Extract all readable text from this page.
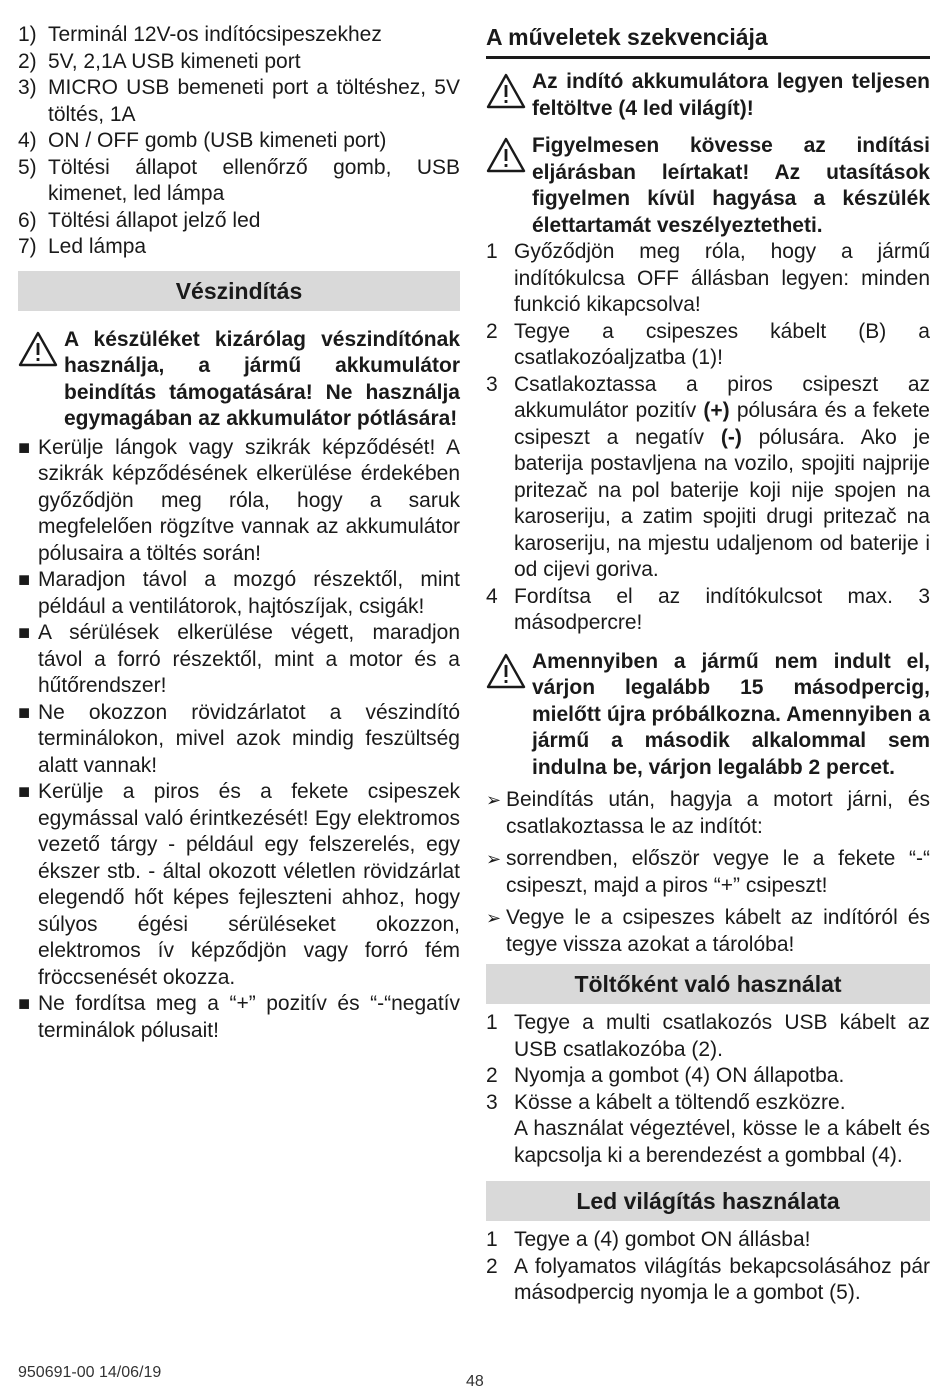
1) Terminál 12V-os indítócsipeszekhez
2) 5V, 2,1A USB kimeneti port
3) MICRO USB bemeneti port a töltéshez, 5V töltés, 1A
4) ON / OFF gomb (USB kimeneti port)
5) Töltési állapot ellenőrző gomb, USB kimenet, led lámpa
6) Töltési állapot jelző led
7) Led lámpa
Vészindítás

A készüléket kizárólag vészindítónak használja, a jármű akkumulátor beindítás támogatására! Ne használja egymagában az akkumulátor pótlására!

■ Kerülje lángok vagy szikrák képződését! A szikrák képződésének elkerülése érdekében győződjön meg róla, hogy a saruk megfelelően rögzítve vannak az akkumulátor pólusaira a töltés során!
■ Maradjon távol a mozgó részektől, mint például a ventilátorok, hajtószíjak, csigák!
■ A sérülések elkerülése végett, maradjon távol a forró részektől, mint a motor és a hűtőrendszer!
■ Ne okozzon rövidzárlatot a vészindító terminálokon, mivel azok mindig feszültség alatt vannak!
■ Kerülje a piros és a fekete csipeszek egymással való érintkezését! Egy elektromos vezető tárgy - például egy felszerelés, egy ékszer stb. - által okozott véletlen rövidzárlat elegendő hőt képes fejleszteni ahhoz, hogy súlyos égési sérüléseket okozzon, elektromos ív képződjön vagy forró fém fröccsenését okozza.
■ Ne fordítsa meg a “+” pozitív és “-“negatív terminálok pólusait!
A műveletek szekvenciája

Az indító akkumulátora legyen teljesen feltöltve (4 led világít)!

Figyelmesen kövesse az indítási eljárásban leírtakat! Az utasítások figyelmen kívül hagyása a készülék élettartamát veszélyeztetheti.

1 Győződjön meg róla, hogy a jármű indítókulcsa OFF állásban legyen: minden funkció kikapcsolva!
2 Tegye a csipeszes kábelt (B) a csatlakozóaljzatba (1)!
3 Csatlakoztassa a piros csipeszt az akkumulátor pozitív (+) pólusára és a fekete csipeszt a negatív (-) pólusára. Ako je baterija postavljena na vozilo, spojiti najprije pritezač na pol baterije koji nije spojen na karoseriju, a zatim spojiti drugi pritezač na karoseriju, na mjestu udaljenom od baterije i od cijevi goriva.
4 Fordítsa el az indítókulcsot max. 3 másodpercre!

Amennyiben a jármű nem indult el, várjon legalább 15 másodpercig, mielőtt újra próbálkozna. Amennyiben a jármű a második alkalommal sem indulna be, várjon legalább 2 percet.

➢ Beindítás után, hagyja a motort járni, és csatlakoztassa le az indítót:
➢ sorrendben, először vegye le a fekete “-“ csipeszt, majd a piros “+” csipeszt!
➢ Vegye le a csipeszes kábelt az indítóról és tegye vissza azokat a tárolóba!
Töltőként való használat
1 Tegye a multi csatlakozós USB kábelt az USB csatlakozóba (2).
2 Nyomja a gombot (4) ON állapotba.
3 Kösse a kábelt a töltendő eszközre.

A használat végeztével, kösse le a kábelt és kapcsolja ki a berendezést a gombbal (4).

Led világítás használata
1 Tegye a (4) gombot ON állásba!
2 A folyamatos világítás bekapcsolásához pár másodpercig nyomja le a gombot (5).
950691-00 14/06/19
48
